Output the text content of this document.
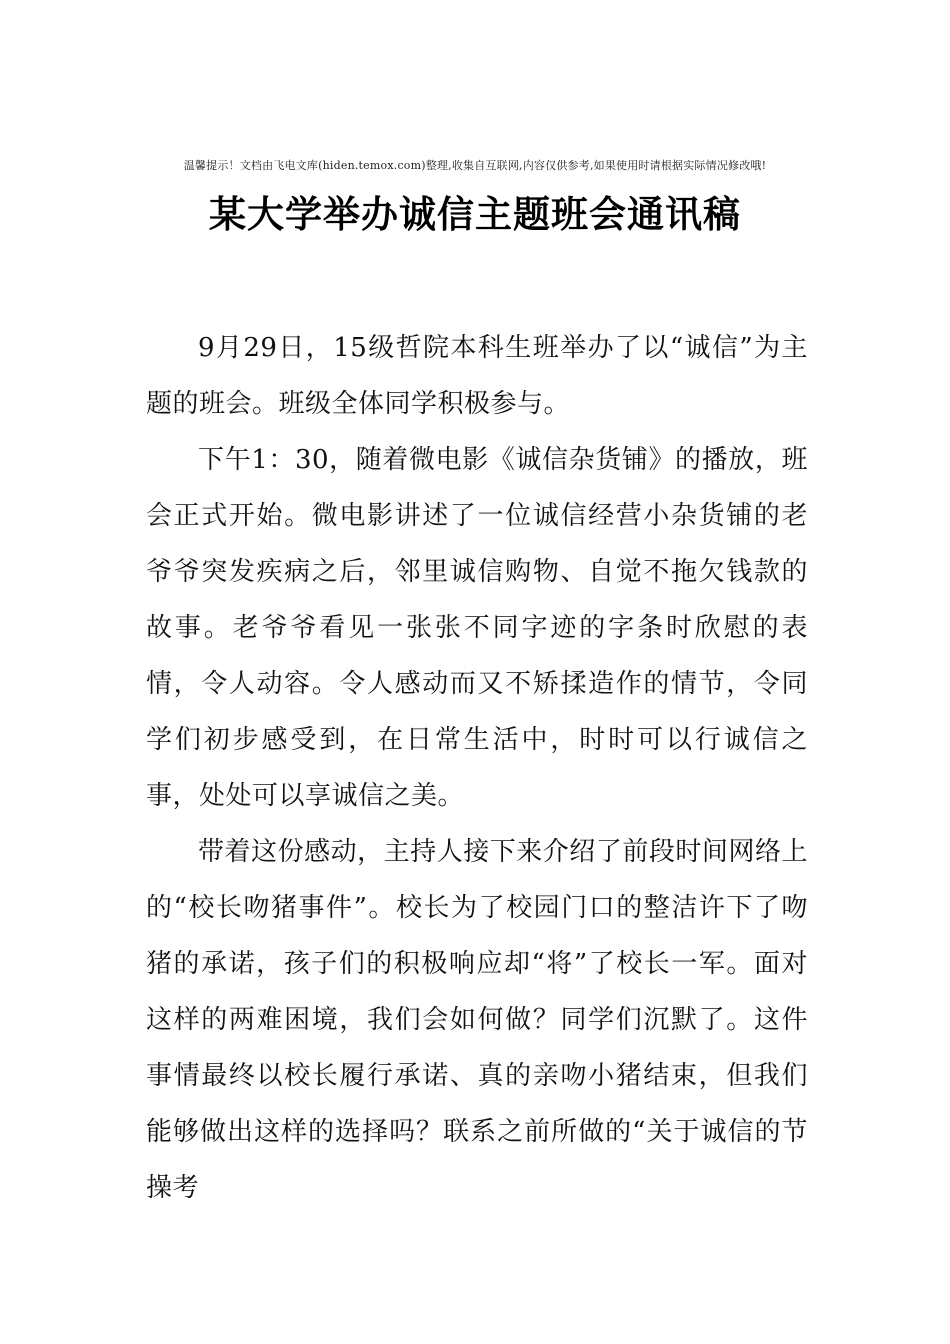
温馨提示！文档由飞电文库(hiden.temox.com)整理,收集自互联网,内容仅供参考,如果使用时请根据实际情况修改哦!
某大学举办诚信主题班会通讯稿

9月29日，15级哲院本科生班举办了以“诚信”为主题的班会。班级全体同学积极参与。

下午1：30，随着微电影《诚信杂货铺》的播放，班会正式开始。微电影讲述了一位诚信经营小杂货铺的老爷爷突发疾病之后，邻里诚信购物、自觉不拖欠钱款的故事。老爷爷看见一张张不同字迹的字条时欣慰的表情，令人动容。令人感动而又不矫揉造作的情节，令同学们初步感受到，在日常生活中，时时可以行诚信之事，处处可以享诚信之美。

带着这份感动，主持人接下来介绍了前段时间网络上的“校长吻猪事件”。校长为了校园门口的整洁许下了吻猪的承诺，孩子们的积极响应却“将”了校长一军。面对这样的两难困境，我们会如何做？同学们沉默了。这件事情最终以校长履行承诺、真的亲吻小猪结束，但我们能够做出这样的选择吗？联系之前所做的“关于诚信的节操考
